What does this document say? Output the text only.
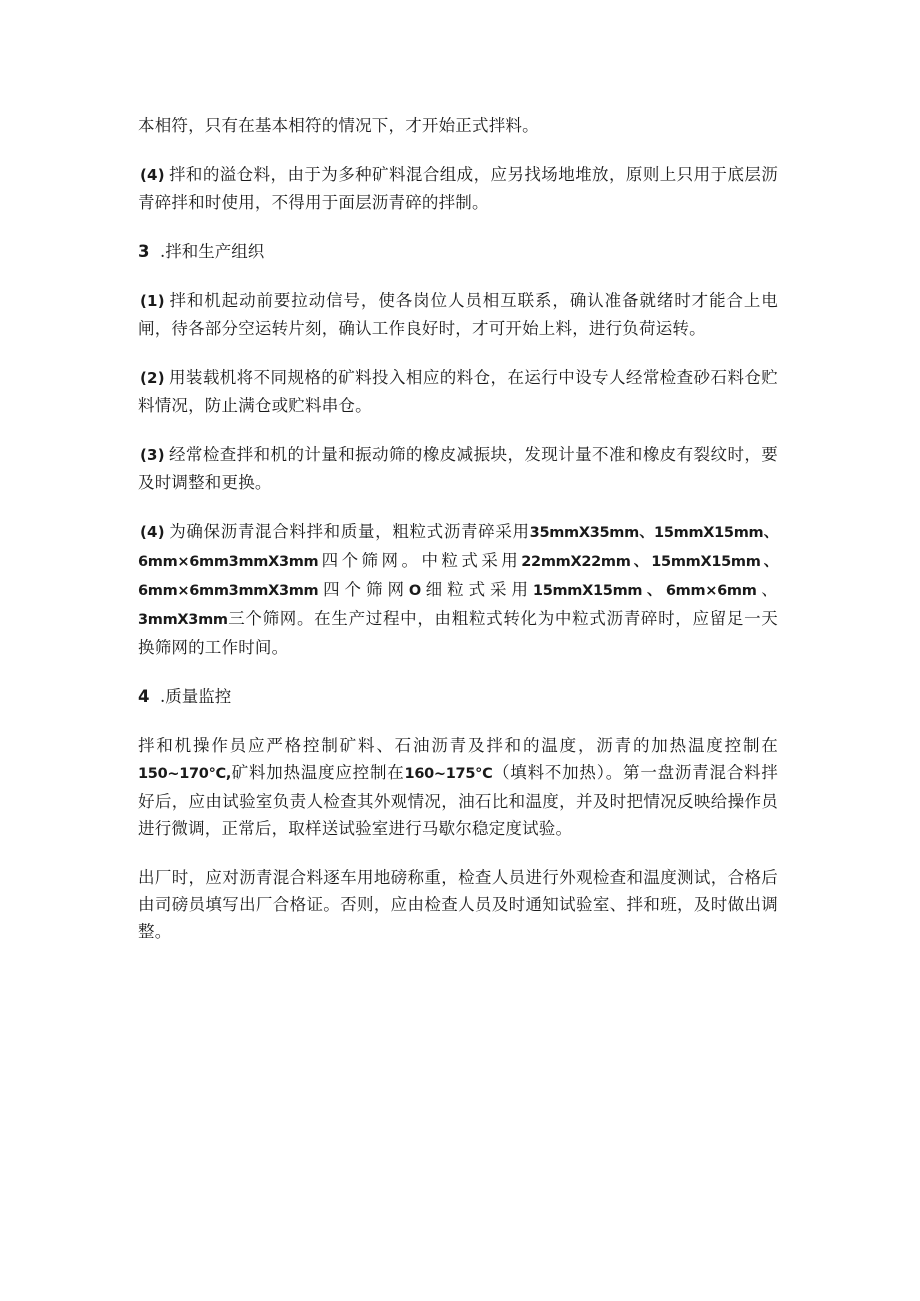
本相符，只有在基本相符的情况下，才开始正式拌料。

(4) 拌和的溢仓料，由于为多种矿料混合组成，应另找场地堆放，原则上只用于底层沥青碎拌和时使用，不得用于面层沥青碎的拌制。

3 .拌和生产组织

(1) 拌和机起动前要拉动信号，使各岗位人员相互联系，确认准备就绪时才能合上电闸，待各部分空运转片刻，确认工作良好时，才可开始上料，进行负荷运转。

(2) 用装载机将不同规格的矿料投入相应的料仓，在运行中设专人经常检查砂石料仓贮料情况，防止满仓或贮料串仓。

(3) 经常检查拌和机的计量和振动筛的橡皮减振块，发现计量不准和橡皮有裂纹时，要及时调整和更换。

(4) 为确保沥青混合料拌和质量，粗粒式沥青碎采用35mmX35mm、15mmX15mm、6mm×6mm3mmX3mm四个筛网。中粒式采用22mmX22mm、15mmX15mm、6mm×6mm3mmX3mm四个筛网O细粒式采用15mmX15mm、6mm×6mm、3mmX3mm三个筛网。在生产过程中，由粗粒式转化为中粒式沥青碎时，应留足一天换筛网的工作时间。

4 .质量监控

拌和机操作员应严格控制矿料、石油沥青及拌和的温度，沥青的加热温度控制在150~170°C,矿料加热温度应控制在160~175°C（填料不加热）。第一盘沥青混合料拌好后，应由试验室负责人检查其外观情况，油石比和温度，并及时把情况反映给操作员进行微调，正常后，取样送试验室进行马歇尔稳定度试验。

出厂时，应对沥青混合料逐车用地磅称重，检查人员进行外观检查和温度测试，合格后由司磅员填写出厂合格证。否则，应由检查人员及时通知试验室、拌和班，及时做出调整。
